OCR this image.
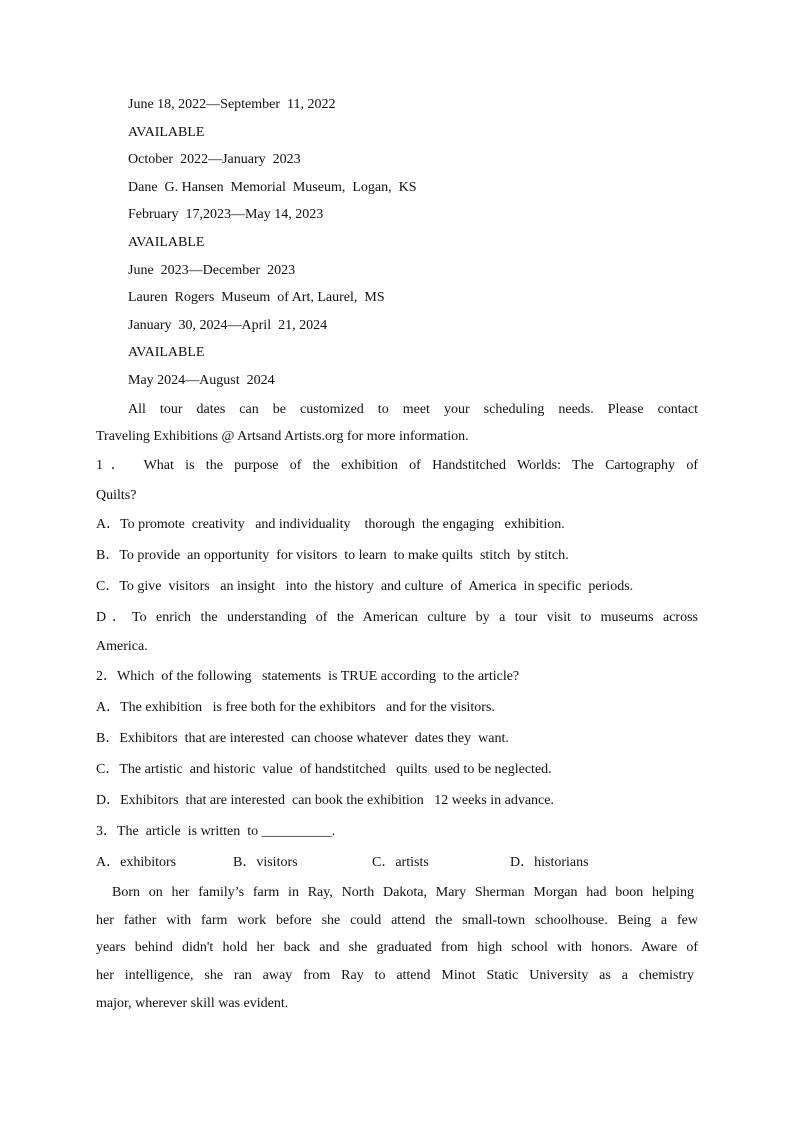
June 18, 2022—September  11, 2022
AVAILABLE
October  2022—January  2023
Dane  G. Hansen  Memorial  Museum,  Logan,  KS
February  17,2023—May 14, 2023
AVAILABLE
June  2023—December  2023
Lauren  Rogers  Museum  of Art, Laurel,  MS
January  30, 2024—April  21, 2024
AVAILABLE
May 2024—August  2024
All tour dates can be customized to meet your scheduling needs. Please contact
Traveling Exhibitions @ Artsand Artists.org for more information.
1． What is the purpose of the exhibition of Handstitched Worlds: The Cartography of
Quilts?
A．To promote  creativity   and individuality    thorough  the engaging   exhibition.
B．To provide  an opportunity  for visitors  to learn  to make quilts  stitch  by stitch.
C．To give  visitors   an insight   into  the history  and culture  of  America  in specific  periods.
D．To enrich the understanding of the American culture by a tour visit to museums across
America.
2．Which  of the following   statements  is TRUE according  to the article?
A．The exhibition   is free both for the exhibitors   and for the visitors.
B．Exhibitors  that are interested  can choose whatever  dates they  want.
C．The artistic  and historic  value  of handstitched   quilts  used to be neglected.
D．Exhibitors  that are interested  can book the exhibition   12 weeks in advance.
3．The  article  is written  to __________.
A．exhibitors	B．visitors	C．artists	D．historians
Born on her family’s farm in Ray, North Dakota, Mary Sherman Morgan had boon helping
her father with farm work before she could attend the small-town schoolhouse. Being a few
years behind didn't hold her back and she graduated from high school with honors. Aware of
her intelligence, she ran away from Ray to attend Minot Static University as a chemistry
major, wherever skill was evident.
